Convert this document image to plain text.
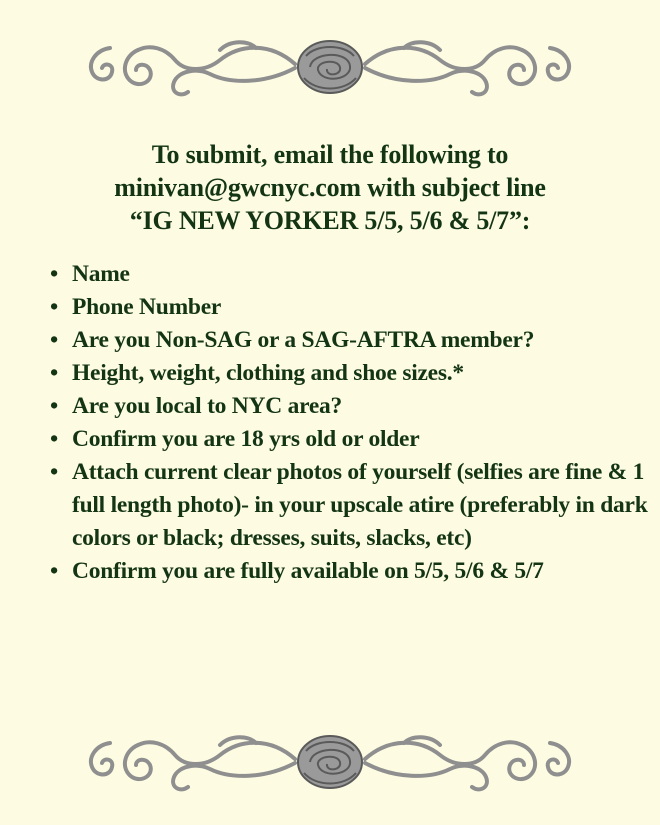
To submit, email the following to
minivan@gwcnyc.com with subject line
“IG NEW YORKER 5/5, 5/6 & 5/7”:
• Name
• Phone Number
• Are you Non-SAG or a SAG-AFTRA member?
• Height, weight, clothing and shoe sizes.*
• Are you local to NYC area?
• Confirm you are 18 yrs old or older
• Attach current clear photos of yourself (selfies are fine & 1 full length photo)- in your upscale atire (preferably in dark colors or black; dresses, suits, slacks, etc)
• Confirm you are fully available on 5/5, 5/6 & 5/7
